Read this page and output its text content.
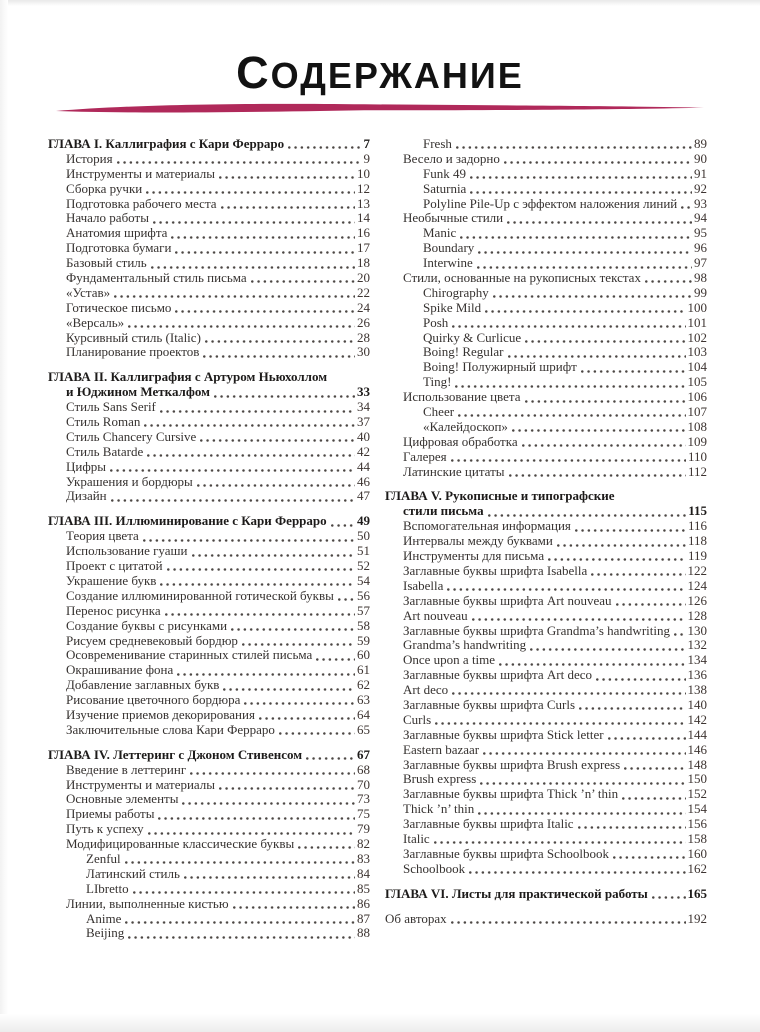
СОДЕРЖАНИЕ
ГЛАВА I. Каллиграфия с Кари Ферраро	7
История	9
Инструменты и материалы	10
Сборка ручки	12
Подготовка рабочего места	13
Начало работы	14
Анатомия шрифта	16
Подготовка бумаги	17
Базовый стиль	18
Фундаментальный стиль письма	20
«Устав»	22
Готическое письмо	24
«Версаль»	26
Курсивный стиль (Italic)	28
Планирование проектов	30
ГЛАВА II. Каллиграфия с Артуром Ньюхоллом
и Юджином Меткалфом	33
Стиль Sans Serif	34
Стиль Roman	37
Стиль Chancery Cursive	40
Стиль Batarde	42
Цифры	44
Украшения и бордюры	46
Дизайн	47
ГЛАВА III. Иллюминирование с Кари Ферраро 49
Теория цвета	50
Использование гуаши	51
Проект с цитатой	52
Украшение букв	54
Создание иллюминированной готической буквы 56
Перенос рисунка	57
Создание буквы с рисунками	58
Рисуем средневековый бордюр	59
Осовременивание старинных стилей письма	60
Окрашивание фона	61
Добавление заглавных букв	62
Рисование цветочного бордюра	63
Изучение приемов декорирования	64
Заключительные слова Кари Ферраро	65
ГЛАВА IV. Леттеринг с Джоном Стивенсом	67
Введение в леттеринг	68
Инструменты и материалы	70
Основные элементы	73
Приемы работы	75
Путь к успеху	79
Модифицированные классические буквы	82
Zenful	83
Латинский стиль	84
LIbretto	85
Линии, выполненные кистью	86
Anime	87
Beijing	88
Fresh	89
Весело и задорно	90
Funk 49	91
Saturnia	92
Polyline Pile-Up с эффектом наложения линий 93
Необычные стили	94
Manic	95
Boundary	96
Interwine	97
Стили, основанные на рукописных текстах	98
Chirography	99
Spike Mild	100
Posh	101
Quirky & Curlicue	102
Boing! Regular	103
Boing! Полужирный шрифт	104
Ting!	105
Использование цвета	106
Cheer	107
«Калейдоскоп»	108
Цифровая обработка	109
Галерея	110
Латинские цитаты	112
ГЛАВА V. Рукописные и типографские
стили письма	115
Вспомогательная информация	116
Интервалы между буквами	118
Инструменты для письма	119
Заглавные буквы шрифта Isabella	122
Isabella	124
Заглавные буквы шрифта Art nouveau	126
Art nouveau	128
Заглавные буквы шрифта Grandma’s handwriting 130
Grandma’s handwriting	132
Once upon a time	134
Заглавные буквы шрифта Art deco	136
Art deco	138
Заглавные буквы шрифта Curls	140
Curls	142
Заглавные буквы шрифта Stick letter	144
Eastern bazaar	146
Заглавные буквы шрифта Brush express	148
Brush express	150
Заглавные буквы шрифта Thick ’n’ thin	152
Thick ’n’ thin	154
Заглавные буквы шрифта Italic	156
Italic	158
Заглавные буквы шрифта Schoolbook	160
Schoolbook	162
ГЛАВА VI. Листы для практической работы	165
Об авторах	192
